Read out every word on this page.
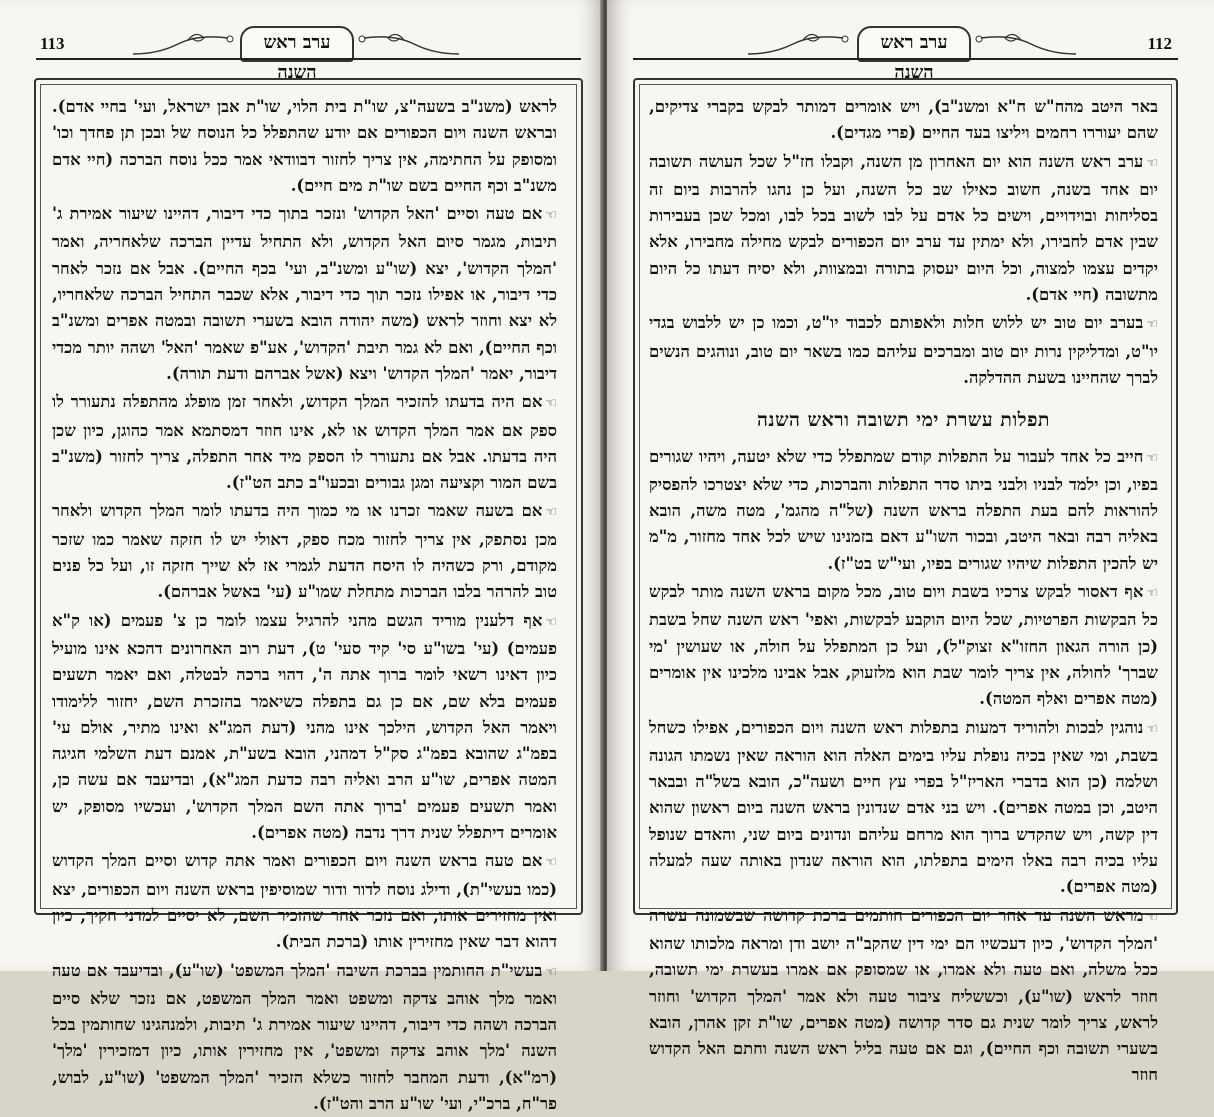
113	ערב ראש השנה

לראש (משנ"ב בשעה"צ, שו"ת בית הלוי, שו"ת אבן ישראל, ועי' בחיי אדם). ובראש השנה ויום הכפורים אם יודע שהתפלל כל הנוסח של ובכן תן פחדך וכו' ומסופק על החתימה, אין צריך לחזור דבוודאי אמר ככל נוסח הברכה (חיי אדם משנ"ב וכף החיים בשם שו"ת מים חיים).

☜אם טעה וסיים 'האל הקדוש' ונזכר בתוך כדי דיבור, דהיינו שיעור אמירת ג' תיבות, מגמר סיום האל הקדוש, ולא התחיל עדיין הברכה שלאחריה, ואמר 'המלך הקדוש', יצא (שו"ע ומשנ"ב, ועי' בכף החיים). אבל אם נזכר לאחר כדי דיבור, או אפילו נזכר תוך כדי דיבור, אלא שכבר התחיל הברכה שלאחריו, לא יצא וחוזר לראש (משה יהודה הובא בשערי תשובה ובמטה אפרים ומשנ"ב וכף החיים), ואם לא גמר תיבת 'הקדוש', אע"פ שאמר 'האל' ושהה יותר מכדי דיבור, יאמר 'המלך הקדוש' ויצא (אשל אברהם ודעת תורה).

☜אם היה בדעתו להזכיר המלך הקדוש, ולאחר זמן מופלג מהתפלה נתעורר לו ספק אם אמר המלך הקדוש או לא, אינו חוזר דמסתמא אמר כהוגן, כיון שכן היה בדעתו. אבל אם נתעורר לו הספק מיד אחר התפלה, צריך לחזור (משנ"ב בשם המור וקציעה ומגן גבורים ובכעו"ב כתב הט"ז).

☜אם בשעה שאמר זכרנו או מי כמוך היה בדעתו לומר המלך הקדוש ולאחר מכן נסתפק, אין צריך לחזור מכח ספק, דאולי יש לו חזקה שאמר כמו שזכר מקודם, ורק כשהיה לו היסח הדעת לגמרי אז לא שייך חזקה זו, ועל כל פנים טוב להרהר בלבו הברכות מתחלת שמו"ע (עי' באשל אברהם).

☜אף דלענין מוריד הגשם מהני להרגיל עצמו לומר כן צ' פעמים (או ק"א פעמים) (עי' בשו"ע סי' קיד סעי' ט), דעת רוב האחרונים דהכא אינו מועיל כיון דאינו רשאי לומר ברוך אתה ה', דהוי ברכה לבטלה, ואם יאמר תשעים פעמים בלא שם, אם כן גם בתפלה כשיאמר בהזכרת השם, יחזור ללימודו ויאמר האל הקדוש, הילכך אינו מהני (דעת המג"א ואינו מתיר, אולם עי' בפמ"ג שהובא בפמ"ג סק"ל דמהני, הובא בשע"ת, אמנם דעת השלמי חגיגה המטה אפרים, שו"ע הרב ואליה רבה כדעת המג"א), ובדיעבד אם עשה כן, ואמר תשעים פעמים 'ברוך אתה השם המלך הקדוש', ועכשיו מסופק, יש אומרים דיתפלל שנית דרך נדבה (מטה אפרים).

☜אם טעה בראש השנה ויום הכפורים ואמר אתה קדוש וסיים המלך הקדוש (כמו בעשי"ת), ודילג נוסח לדור ודור שמוסיפין בראש השנה ויום הכפורים, יצא ואין מחזירים אותו, ואם נזכר אחר שהזכיר השם, לא יסיים למדני חקיך, כיון דהוא דבר שאין מחזירין אותו (ברכת הבית).

☜בעשי"ת החותמין בברכת השיבה 'המלך המשפט' (שו"ע), ובדיעבד אם טעה ואמר מלך אוהב צדקה ומשפט ואמר המלך המשפט, אם נזכר שלא סיים הברכה ושהה כדי דיבור, דהיינו שיעור אמירת ג' תיבות, ולמנהגינו שחותמין בכל השנה 'מלך אוהב צדקה ומשפט', אין מחזירין אותו, כיון דמזכירין 'מלך' (רמ"א), ודעת המחבר לחזור כשלא הזכיר 'המלך המשפט' (שו"ע, לבוש, פר"ח, ברכ"י, ועי' שו"ע הרב והט"ז).

ערב ראש השנה
112

באר היטב מהח"ש ח"א ומשנ"ב), ויש אומרים דמותר לבקש בקברי צדיקים, שהם יעוררו רחמים ויליצו בעד החיים (פרי מגדים).

☜ערב ראש השנה הוא יום האחרון מן השנה, וקבלו חז"ל שכל העושה תשובה יום אחד בשנה, חשוב כאילו שב כל השנה, ועל כן נהגו להרבות ביום זה בסליחות ובוידויים, וישים כל אדם על לבו לשוב בכל לבו, ומכל שכן בעבירות שבין אדם לחבירו, ולא ימתין עד ערב יום הכפורים לבקש מחילה מחבירו, אלא יקדים עצמו למצוה, וכל היום יעסוק בתורה ובמצוות, ולא יסיח דעתו כל היום מתשובה (חיי אדם).

☜בערב יום טוב יש ללוש חלות ולאפותם לכבוד יו"ט, וכמו כן יש ללבוש בגדי יו"ט, ומדליקין נרות יום טוב ומברכים עליהם כמו בשאר יום טוב, ונוהגים הנשים לברך שהחיינו בשעת ההדלקה.

תפלות עשרת ימי תשובה וראש השנה

☜חייב כל אחד לעבור על התפלות קודם שמתפלל כדי שלא יטעה, ויהיו שגורים בפיו, וכן ילמד לבניו ולבני ביתו סדר התפלות והברכות, כדי שלא יצטרכו להפסיק להוראות להם בעת התפלה בראש השנה (של"ה מהגמ', מטה משה, הובא באליה רבה ובאר היטב, ובכור השו"ע דאם בזמנינו שיש לכל אחד מחזור, מ"מ יש להכין התפלות שיהיו שגורים בפיו, ועי"ש בט"ז).

☜אף דאסור לבקש צרכיו בשבת ויום טוב, מכל מקום בראש השנה מותר לבקש כל הבקשות הפרטיות, שכל היום הוקבע לבקשות, ואפי' ראש השנה שחל בשבת (כן הורה הגאון החזו"א זצוק"ל), ועל כן המתפלל על חולה, או שעושין 'מי שברך' לחולה, אין צריך לומר שבת הוא מלזעוק, אבל אבינו מלכינו אין אומרים (מטה אפרים ואלף המטה).

☜נוהגין לבכות ולהוריד דמעות בתפלות ראש השנה ויום הכפורים, אפילו כשחל בשבת, ומי שאין בכיה נופלת עליו בימים האלה הוא הוראה שאין נשמתו הגונה ושלמה (כן הוא בדברי האריז"ל בפרי עץ חיים ושעה"כ, הובא בשל"ה ובבאר היטב, וכן במטה אפרים). ויש בני אדם שנדונין בראש השנה ביום ראשון שהוא דין קשה, ויש שהקדש ברוך הוא מרחם עליהם ונדונים ביום שני, והאדם שנופל עליו בכיה רבה באלו הימים בתפלתו, הוא הוראה שנדון באותה שעה למעלה (מטה אפרים).

☜מראש השנה עד אחר יום הכפורים חותמים ברכת קדושה שבשמונה עשרה 'המלך הקדוש', כיון דעכשיו הם ימי דין שהקב"ה יושב ודן ומראה מלכותו שהוא ככל משלה, ואם טעה ולא אמרו, או שמסופק אם אמרו בעשרת ימי תשובה, חוזר לראש (שו"ע), וכששליח ציבור טעה ולא אמר 'המלך הקדוש' וחוזר לראש, צריך לומר שנית גם סדר קדושה (מטה אפרים, שו"ת זקן אהרן, הובא בשערי תשובה וכף החיים), וגם אם טעה בליל ראש השנה וחתם האל הקדוש חוזר
